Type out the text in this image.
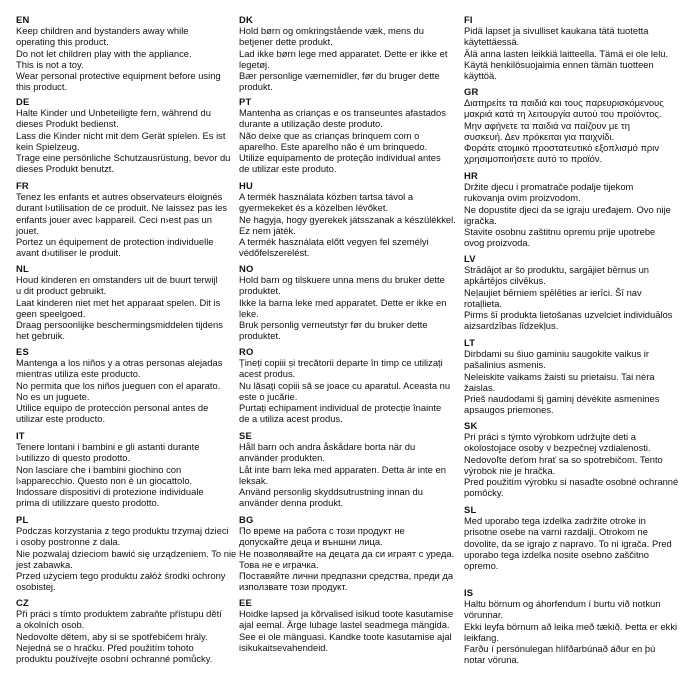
EN
Keep children and bystanders away while
operating this product.
Do not let children play with the appliance.
This is not a toy.
Wear personal protective equipment before using
this product.
DE
Halte Kinder und Unbeteiligte fern, während du
dieses Produkt bedienst.
Lass die Kinder nicht mit dem Gerät spielen. Es ist
kein Spielzeug.
Trage eine persönliche Schutzausrüstung, bevor du
dieses Produkt benutzt.
FR
Tenez les enfants et autres observateurs éloignés
durant l›utilisation de ce produit. Ne laissez pas les
enfants jouer avec l›appareil. Ceci n›est pas un
jouet.
Portez un équipement de protection individuelle
avant d›utiliser le produit.
NL
Houd kinderen en omstanders uit de buurt terwijl
u dit product gebruikt.
Laat kinderen niet met het apparaat spelen. Dit is
geen speelgoed.
Draag persoonlijke beschermingsmiddelen tijdens
het gebruik.
ES
Mantenga a los niños y a otras personas alejadas
mientras utiliza este producto.
No permita que los niños jueguen con el aparato.
No es un juguete.
Utilice equipo de protección personal antes de
utilizar este producto.
IT
Tenere lontani i bambini e gli astanti durante
l›utilizzo di questo prodotto.
Non lasciare che i bambini giochino con
l›apparecchio. Questo non è un giocattolo.
Indossare dispositivi di protezione individuale
prima di utilizzare questo prodotto.
PL
Podczas korzystania z tego produktu trzymaj dzieci
i osoby postronne z dala.
Nie pozwalaj dzieciom bawić się urządzeniem. To nie
jest zabawka.
Przed użyciem tego produktu załóż środki ochrony
osobistej.
CZ
Při práci s tímto produktem zabraňte přístupu dětí
a okolních osob.
Nedovolte dětem, aby si se spotřebičem hrály.
Nejedná se o hračku. Před použitím tohoto
produktu používejte osobní ochranné pomůcky.
DK
Hold børn og omkringstående væk, mens du
betjener dette produkt.
Lad ikke børn lege med apparatet. Dette er ikke et
legetøj.
Bær personlige værnemidler, før du bruger dette
produkt.
PT
Mantenha as crianças e os transeuntes afastados
durante a utilização deste produto.
Não deixe que as crianças brinquem com o
aparelho. Este aparelho não é um brinquedo.
Utilize equipamento de proteção individual antes
de utilizar este produto.
HU
A termék használata közben tartsa távol a
gyermekeket és a közelben lévőket.
Ne hagyja, hogy gyerekek játsszanak a készülékkel.
Ez nem játék.
A termék használata előtt vegyen fel személyi
védőfelszerelést.
NO
Hold barn og tilskuere unna mens du bruker dette
produktet.
Ikke la barna leke med apparatet. Dette er ikke en
leke.
Bruk personlig verneutstyr før du bruker dette
produktet.
RO
Țineți copiii și trecătorii departe în timp ce utilizați
acest produs.
Nu lăsați copiii să se joace cu aparatul. Aceasta nu
este o jucărie.
Purtați echipament individual de protecție înainte
de a utiliza acest produs.
SE
Håll barn och andra åskådare borta när du
använder produkten.
Låt inte barn leka med apparaten. Detta är inte en
leksak.
Använd personlig skyddsutrustning innan du
använder denna produkt.
BG
По време на работа с този продукт не
допускайте деца и външни лица.
Не позволявайте на децата да си играят с уреда.
Това не е играчка.
Поставяйте лични предпазни средства, преди да
използвате този продукт.
EE
Hoidke lapsed ja kõrvalised isikud toote kasutamise
ajal eemal. Ärge lubage lastel seadmega mängida.
See ei ole mänguasi. Kandke toote kasutamise ajal
isikukaitsevahendeid.
FI
Pidä lapset ja sivulliset kaukana tätä tuotetta
käytettäessä.
Älä anna lasten leikkiä laitteella. Tämä ei ole lelu.
Käytä henkilösuojaimia ennen tämän tuotteen
käyttöä.
GR
Διατηρείτε τα παιδιά και τους παρευρισκόμενους
μακριά κατά τη λειτουργία αυτού του προϊόντος.
Μην αφήνετε τα παιδιά να παίζουν με τη
συσκευή. Δεν πρόκειται για παιχνίδι.
Φοράτε ατομικό προστατευτικό εξοπλισμό πριν
χρησιμοποιήσετε αυτό το προϊόν.
HR
Držite djecu i promatrače podalje tijekom
rukovanja ovim proizvodom.
Ne dopustite djeci da se igraju uređajem. Ovo nije
igračka.
Stavite osobnu zaštitnu opremu prije upotrebe
ovog proizvoda.
LV
Strādājot ar šo produktu, sargājiet bērnus un
apkārtējos cilvēkus.
Neļaujiet bērniem spēlēties ar ierīci. Šī nav
rotaļlieta.
Pirms šī produkta lietošanas uzvelciet individuālos
aizsardzības līdzekļus.
LT
Dirbdami su šiuo gaminiu saugokite vaikus ir
pašalinius asmenis.
Neleiskite vaikams žaisti su prietaisu. Tai nėra
žaislas.
Prieš naudodami šį gaminį dėvėkite asmenines
apsaugos priemones.
SK
Pri práci s týmto výrobkom udržujte deti a
okolostojace osoby v bezpečnej vzdialenosti.
Nedovoľte deťom hrať sa so spotrebičom. Tento
výrobok nie je hračka.
Pred použitím výrobku si nasaďte osobné ochranné
pomôcky.
SL
Med uporabo tega izdelka zadržite otroke in
prisotne osebe na varni razdalji. Otrokom ne
dovolite, da se igrajo z napravo. To ni igrača. Pred
uporabo tega izdelka nosite osebno zaščitno
opremo.
IS
Haltu börnum og áhorfendum í burtu við notkun
vörunnar.
Ekki leyfa börnum að leika með tækið. Þetta er ekki
leikfang.
Farðu í persónulegan hlífðarbúnað áður en þú
notar vöruna.
